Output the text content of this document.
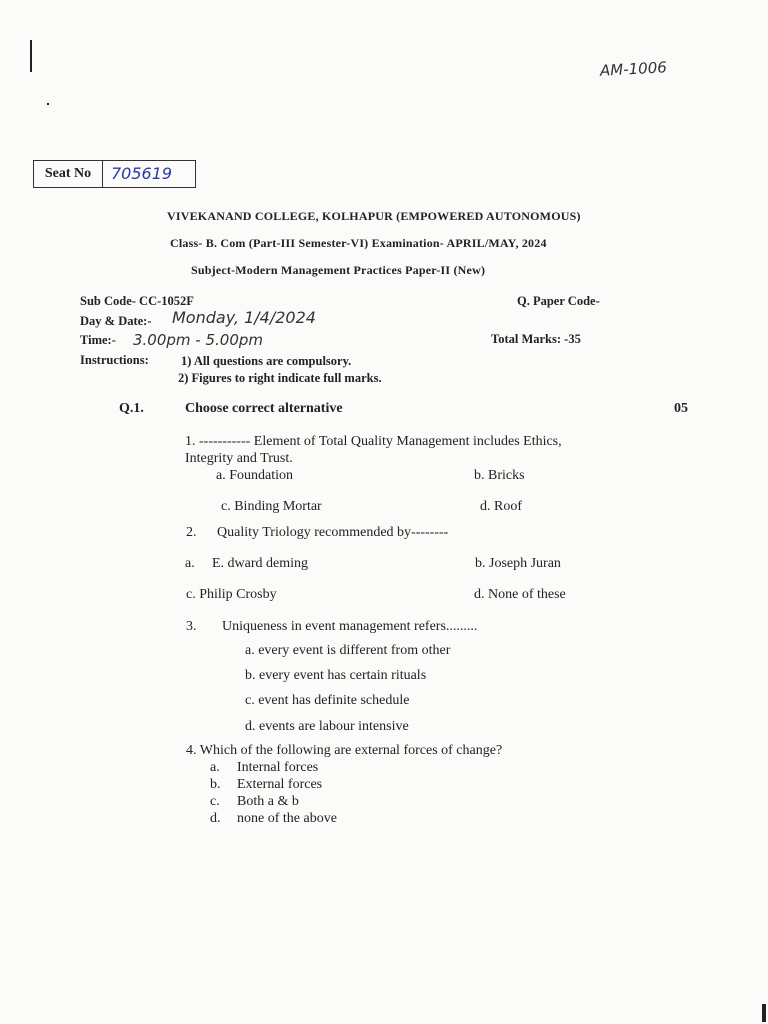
AM-1006
Seat No	705619
VIVEKANAND COLLEGE, KOLHAPUR (EMPOWERED AUTONOMOUS)
Class- B. Com (Part-III Semester-VI) Examination- APRIL/MAY, 2024
Subject-Modern Management Practices Paper-II (New)
Sub Code- CC-1052F	Q. Paper Code-
Day & Date:- Monday, 1/4/2024
Time:- 3.00pm - 5.00pm	Total Marks: -35
Instructions:	1) All questions are compulsory.
2) Figures to right indicate full marks.
Q.1.	Choose correct alternative	05
1. ----------- Element of Total Quality Management includes Ethics,
Integrity and Trust.
a. Foundation	b. Bricks
c. Binding Mortar	d. Roof
2. Quality Triology recommended by--------
a. E. dward deming	b. Joseph Juran
c. Philip Crosby	d. None of these
3. Uniqueness in event management refers.........
a. every event is different from other
b. every event has certain rituals
c. event has definite schedule
d. events are labour intensive
4. Which of the following are external forces of change?
a. Internal forces
b. External forces
c. Both a & b
d. none of the above
